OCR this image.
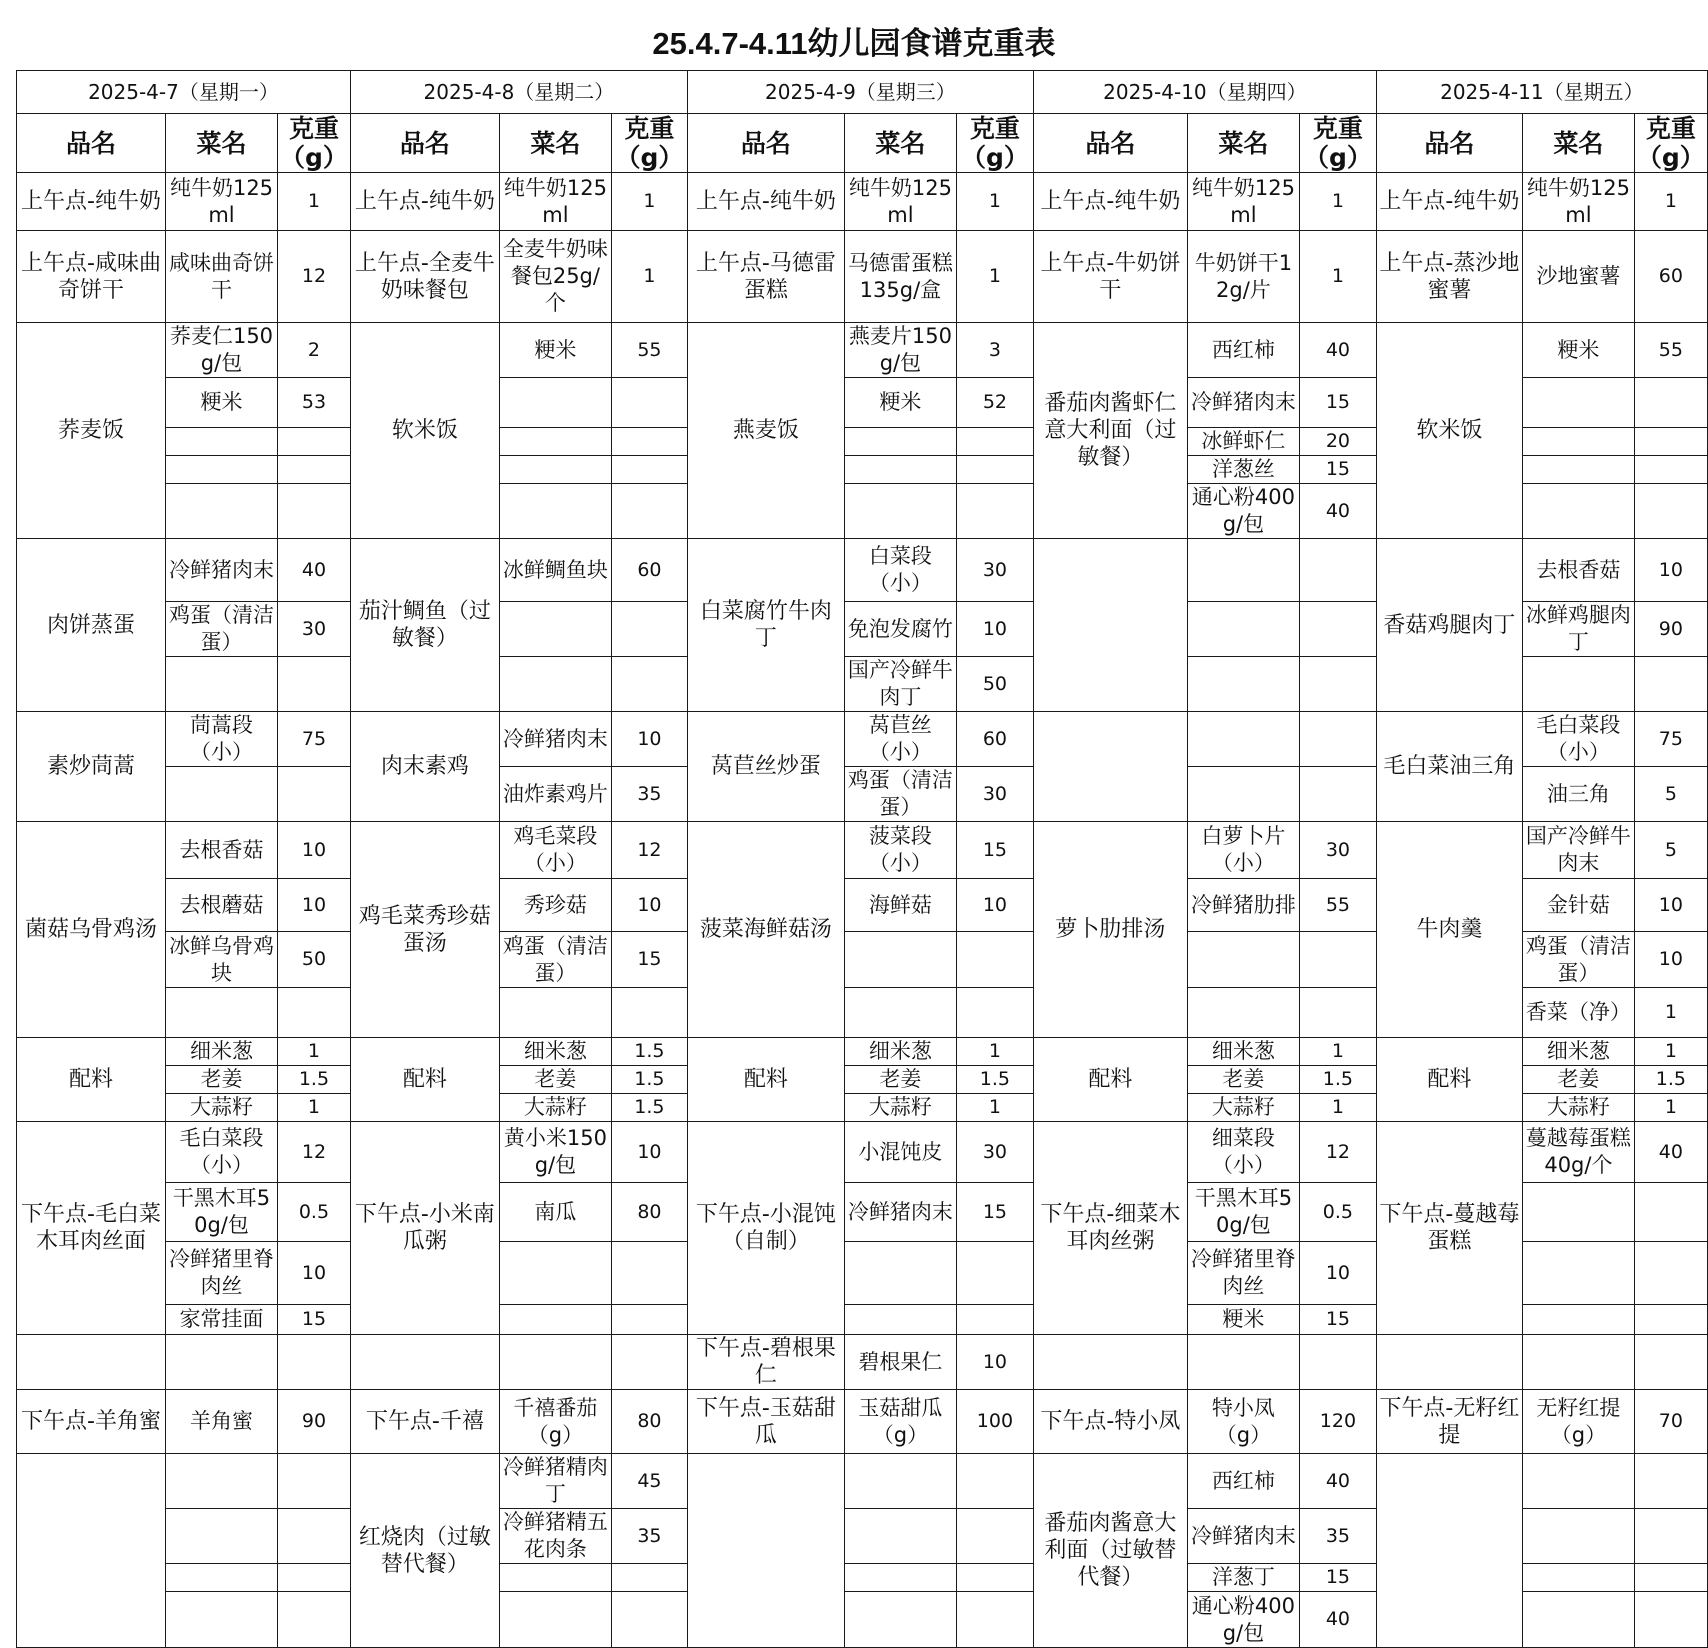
25.4.7-4.11幼儿园食谱克重表
2025-4-7（星期一）			2025-4-8（星期二）			2025-4-9（星期三）			2025-4-10（星期四）			2025-4-11（星期五）		
品名	菜名	克重（g）	品名	菜名	克重（g）	品名	菜名	克重（g）	品名	菜名	克重（g）	品名	菜名	克重（g）
上午点-纯牛奶	纯牛奶125ml	1	上午点-纯牛奶	纯牛奶125ml	1	上午点-纯牛奶	纯牛奶125ml	1	上午点-纯牛奶	纯牛奶125ml	1	上午点-纯牛奶	纯牛奶125ml	1
上午点-咸味曲奇饼干	咸味曲奇饼干	12	上午点-全麦牛奶味餐包	全麦牛奶味餐包25g/个	1	上午点-马德雷蛋糕	马德雷蛋糕135g/盒	1	上午点-牛奶饼干	牛奶饼干12g/片	1	上午点-蒸沙地蜜薯	沙地蜜薯	60
荞麦饭	荞麦仁150g/包	2	软米饭	粳米	55	燕麦饭	燕麦片150g/包	3	番茄肉酱虾仁意大利面（过敏餐）	西红柿	40	软米饭	粳米	55
	粳米	53					粳米	52		冷鲜猪肉末	15			
										冰鲜虾仁	20			
										洋葱丝	15			
										通心粉400g/包	40			
肉饼蒸蛋	冷鲜猪肉末	40	茄汁鲷鱼（过敏餐）	冰鲜鲷鱼块	60	白菜腐竹牛肉丁	白菜段（小）	30				香菇鸡腿肉丁	去根香菇	10
	鸡蛋（清洁蛋）	30					免泡发腐竹	10					冰鲜鸡腿肉丁	90
							国产冷鲜牛肉丁	50						
素炒茼蒿	茼蒿段（小）	75	肉末素鸡	冷鲜猪肉末	10	莴苣丝炒蛋	莴苣丝（小）	60				毛白菜油三角	毛白菜段（小）	75
				油炸素鸡片	35		鸡蛋（清洁蛋）	30					油三角	5
菌菇乌骨鸡汤	去根香菇	10	鸡毛菜秀珍菇蛋汤	鸡毛菜段（小）	12	菠菜海鲜菇汤	菠菜段（小）	15	萝卜肋排汤	白萝卜片（小）	30	牛肉羹	国产冷鲜牛肉末	5
	去根蘑菇	10		秀珍菇	10		海鲜菇	10		冷鲜猪肋排	55		金针菇	10
	冰鲜乌骨鸡块	50		鸡蛋（清洁蛋）	15								鸡蛋（清洁蛋）	10
													香菜（净）	1
配料	细米葱	1	配料	细米葱	1.5	配料	细米葱	1	配料	细米葱	1	配料	细米葱	1
	老姜	1.5		老姜	1.5		老姜	1.5		老姜	1.5		老姜	1.5
	大蒜籽	1		大蒜籽	1.5		大蒜籽	1		大蒜籽	1		大蒜籽	1
下午点-毛白菜木耳肉丝面	毛白菜段（小）	12	下午点-小米南瓜粥	黄小米150g/包	10	下午点-小混饨（自制）	小混饨皮	30	下午点-细菜木耳肉丝粥	细菜段（小）	12	下午点-蔓越莓蛋糕	蔓越莓蛋糕40g/个	40
	干黑木耳50g/包	0.5		南瓜	80		冷鲜猪肉末	15		干黑木耳50g/包	0.5			
	冷鲜猪里脊肉丝	10								冷鲜猪里脊肉丝	10			
	家常挂面	15								粳米	15			
						下午点-碧根果仁	碧根果仁	10						
下午点-羊角蜜	羊角蜜	90	下午点-千禧	千禧番茄（g）	80	下午点-玉菇甜瓜	玉菇甜瓜（g）	100	下午点-特小凤	特小凤（g）	120	下午点-无籽红提	无籽红提（g）	70
			红烧肉（过敏替代餐）	冷鲜猪精肉丁	45				番茄肉酱意大利面（过敏替代餐）	西红柿	40			
				冷鲜猪精五花肉条	35					冷鲜猪肉末	35			
										洋葱丁	15			
										通心粉400g/包	40			
